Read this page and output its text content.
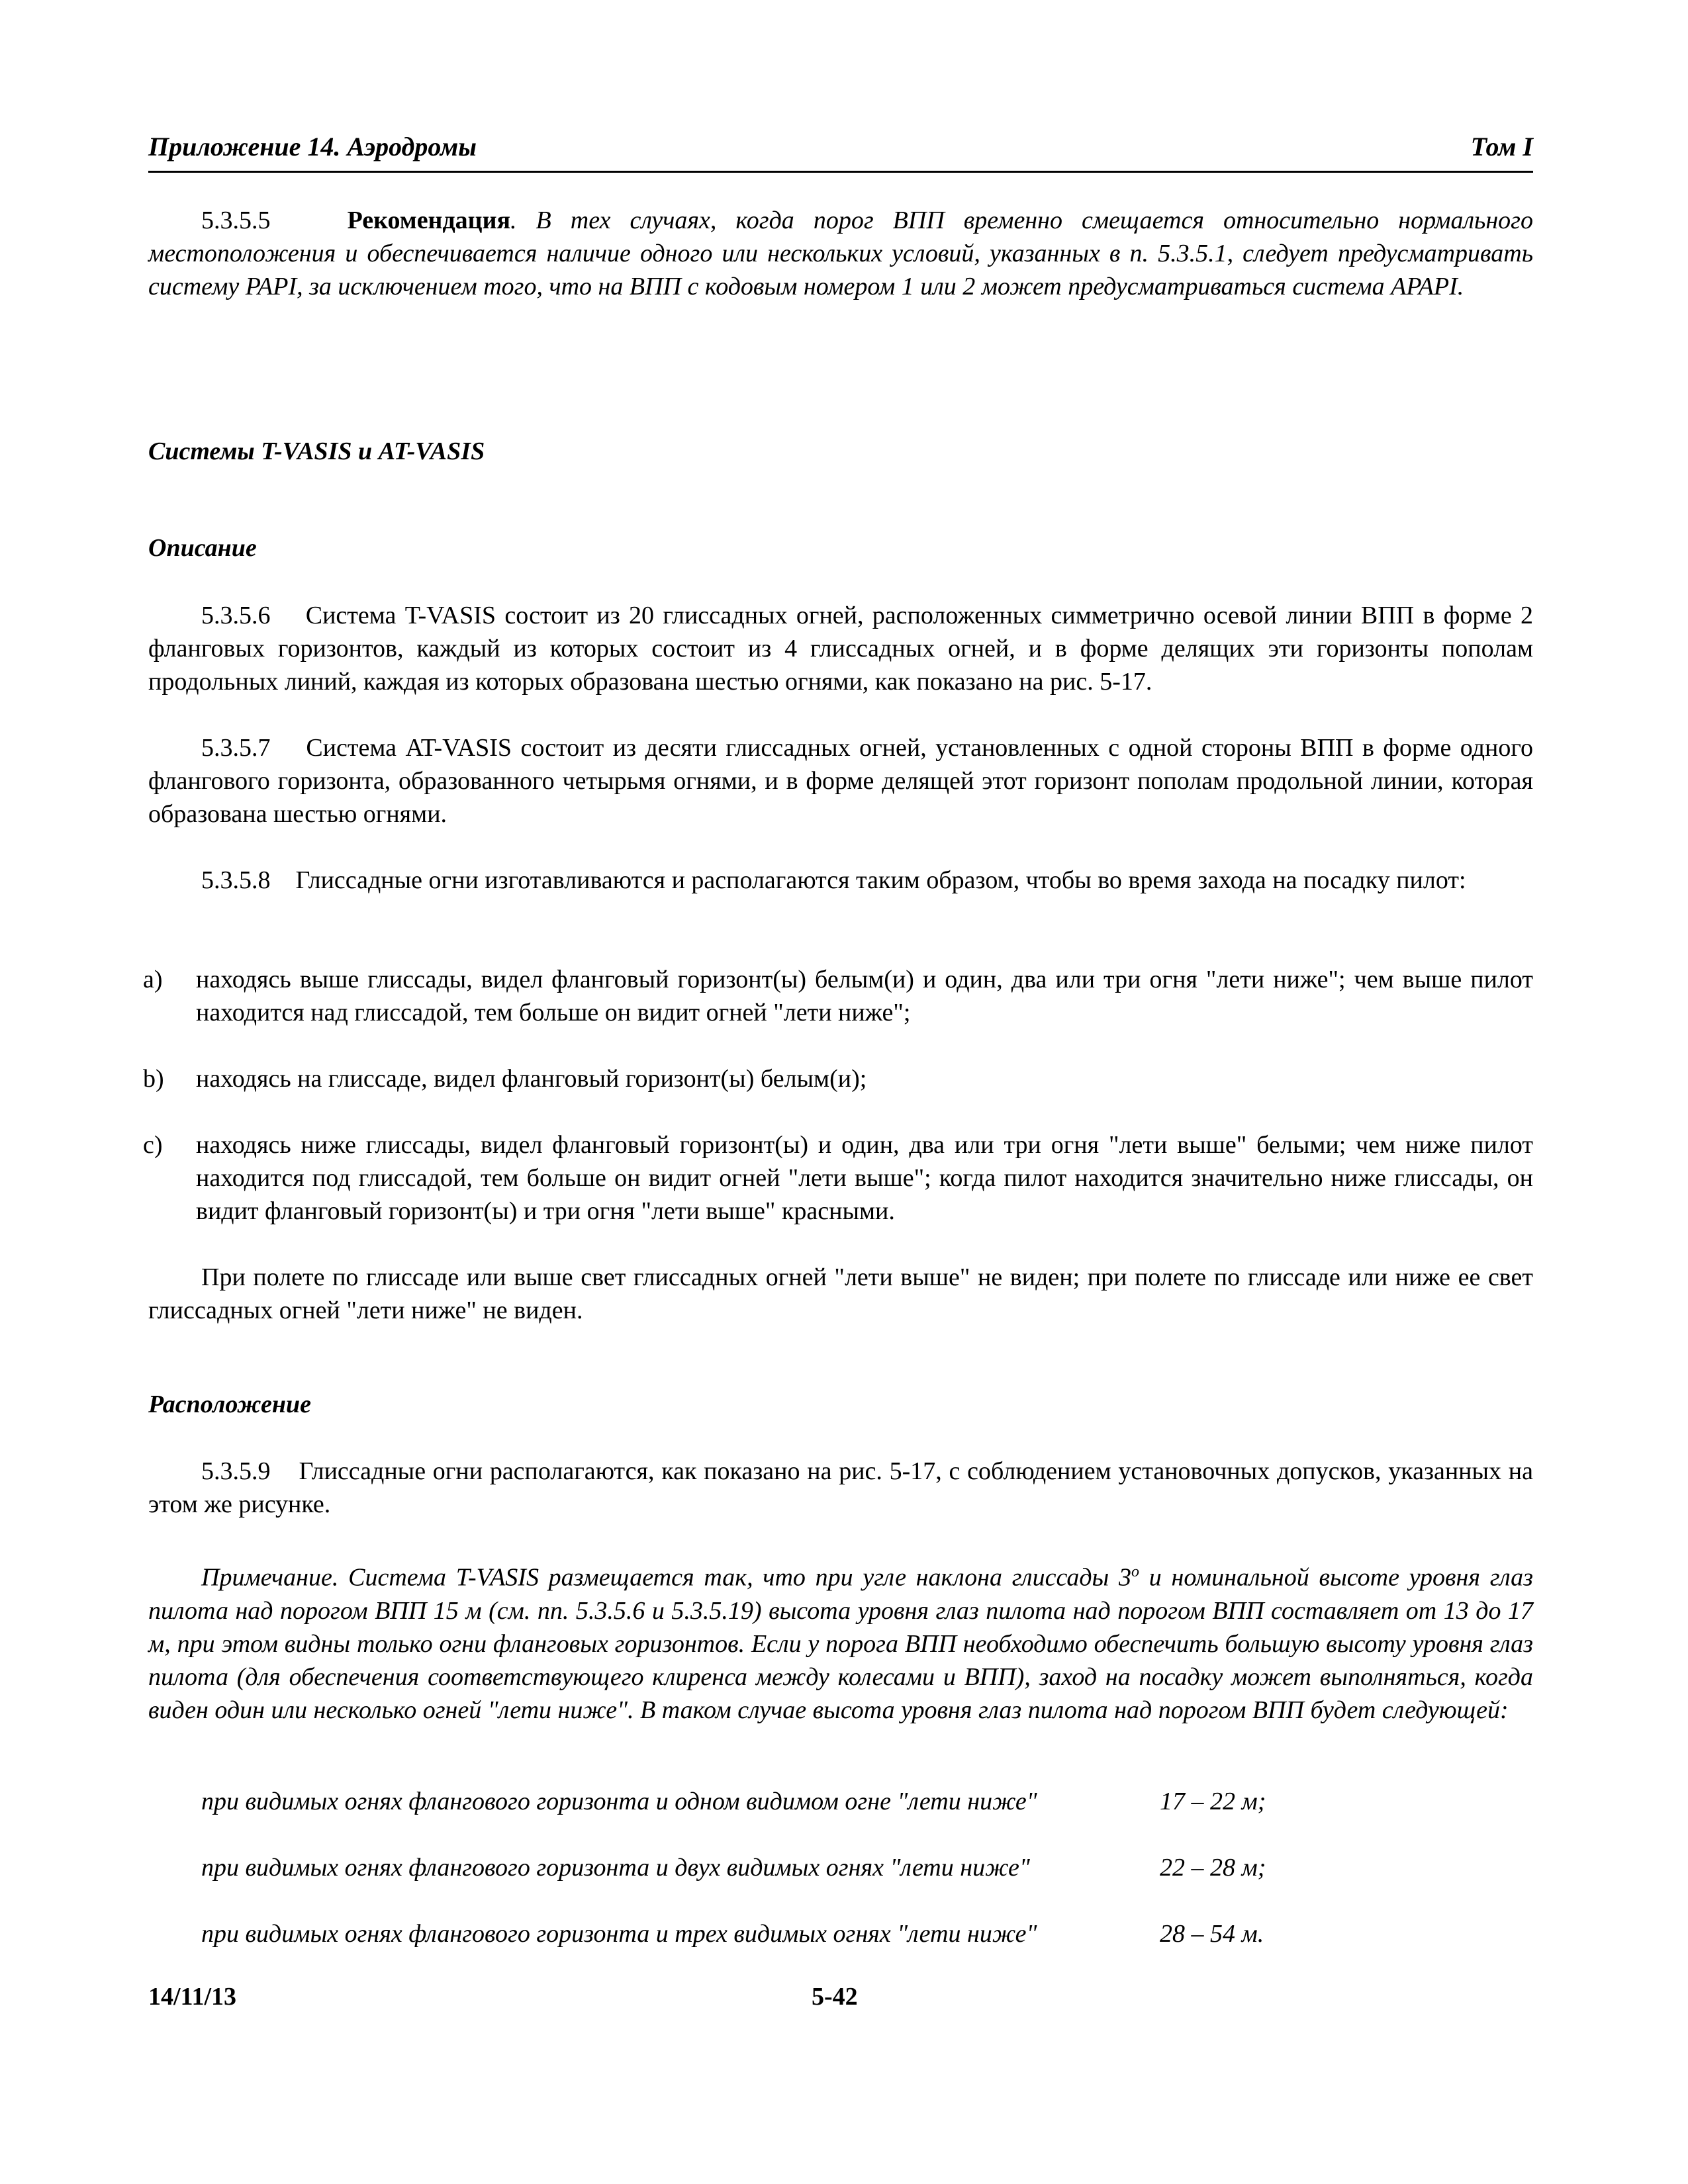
Приложение 14. Аэродромы	Том I
5.3.5.5	Рекомендация. В тех случаях, когда порог ВПП временно смещается относительно нормального местоположения и обеспечивается наличие одного или нескольких условий, указанных в п. 5.3.5.1, следует предусматривать систему PAPI, за исключением того, что на ВПП с кодовым номером 1 или 2 может предусматриваться система APAPI.
Системы T-VASIS и AT-VASIS
Описание
5.3.5.6 Система T-VASIS состоит из 20 глиссадных огней, расположенных симметрично осевой линии ВПП в форме 2 фланговых горизонтов, каждый из которых состоит из 4 глиссадных огней, и в форме делящих эти горизонты пополам продольных линий, каждая из которых образована шестью огнями, как показано на рис. 5-17.
5.3.5.7 Система AT-VASIS состоит из десяти глиссадных огней, установленных с одной стороны ВПП в форме одного флангового горизонта, образованного четырьмя огнями, и в форме делящей этот горизонт пополам продольной линии, которая образована шестью огнями.
5.3.5.8 Глиссадные огни изготавливаются и располагаются таким образом, чтобы во время захода на посадку пилот:
a) находясь выше глиссады, видел фланговый горизонт(ы) белым(и) и один, два или три огня "лети ниже"; чем выше пилот находится над глиссадой, тем больше он видит огней "лети ниже";
b) находясь на глиссаде, видел фланговый горизонт(ы) белым(и);
c) находясь ниже глиссады, видел фланговый горизонт(ы) и один, два или три огня "лети выше" белыми; чем ниже пилот находится под глиссадой, тем больше он видит огней "лети выше"; когда пилот находится значительно ниже глиссады, он видит фланговый горизонт(ы) и три огня "лети выше" красными.
При полете по глиссаде или выше свет глиссадных огней "лети выше" не виден; при полете по глиссаде или ниже ее свет глиссадных огней "лети ниже" не виден.
Расположение
5.3.5.9 Глиссадные огни располагаются, как показано на рис. 5-17, с соблюдением установочных допусков, указанных на этом же рисунке.
Примечание. Система T-VASIS размещается так, что при угле наклона глиссады 3$^o$ и номинальной высоте уровня глаз пилота над порогом ВПП 15 м (см. пп. 5.3.5.6 и 5.3.5.19) высота уровня глаз пилота над порогом ВПП составляет от 13 до 17 м, при этом видны только огни фланговых горизонтов. Если у порога ВПП необходимо обеспечить большую высоту уровня глаз пилота (для обеспечения соответствующего клиренса между колесами и ВПП), заход на посадку может выполняться, когда виден один или несколько огней "лети ниже". В таком случае высота уровня глаз пилота над порогом ВПП будет следующей:
при видимых огнях флангового горизонта и одном видимом огне "лети ниже"	17 – 22 м;
при видимых огнях флангового горизонта и двух видимых огнях "лети ниже"	22 – 28 м;
при видимых огнях флангового горизонта и трех видимых огнях "лети ниже"	28 – 54 м.
14/11/13	5-42
